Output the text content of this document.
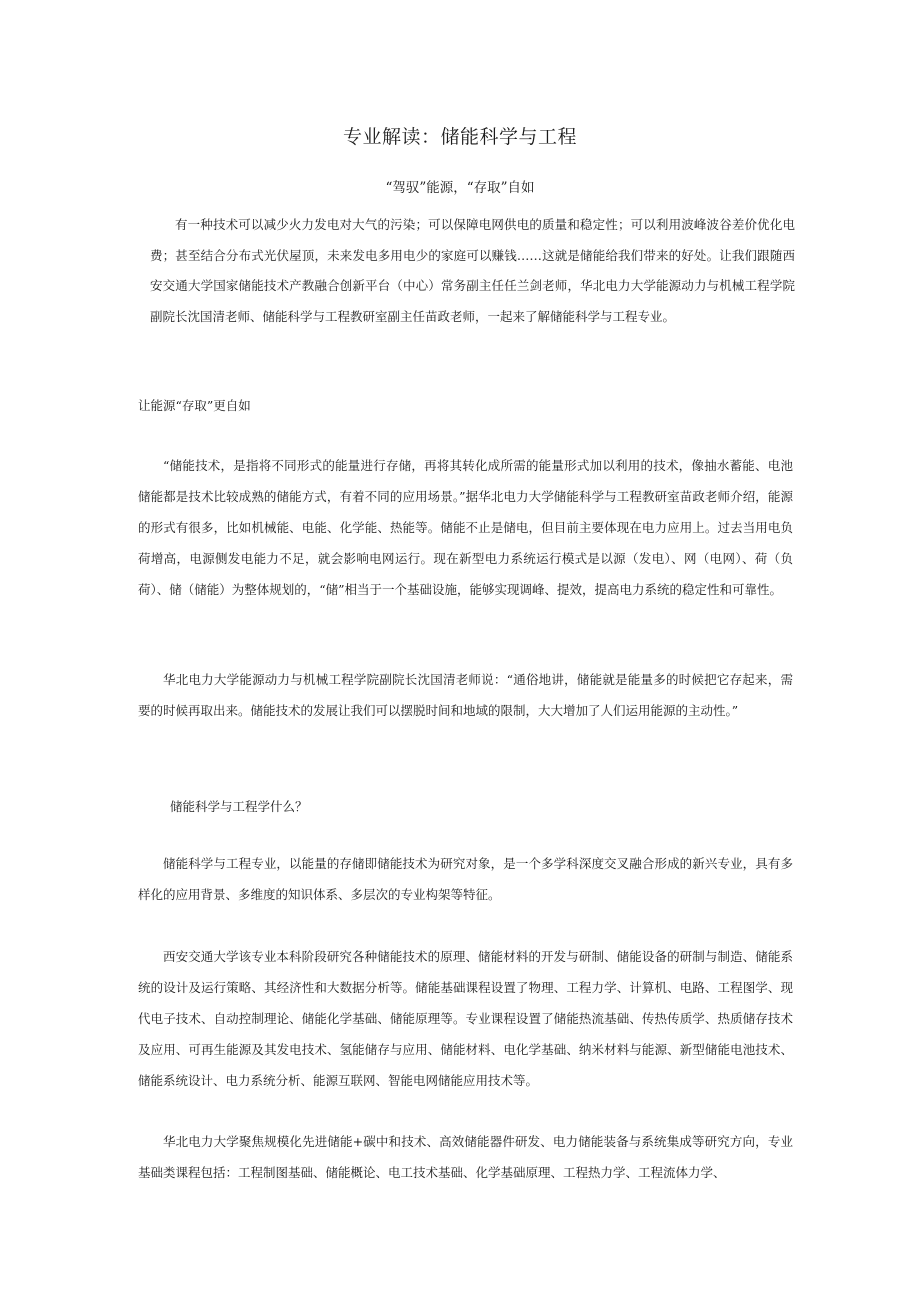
专业解读：储能科学与工程

“驾驭”能源，“存取”自如

有一种技术可以减少火力发电对大气的污染；可以保障电网供电的质量和稳定性；可以利用波峰波谷差价优化电费；甚至结合分布式光伏屋顶，未来发电多用电少的家庭可以赚钱……这就是储能给我们带来的好处。让我们跟随西安交通大学国家储能技术产教融合创新平台（中心）常务副主任任兰剑老师，华北电力大学能源动力与机械工程学院副院长沈国清老师、储能科学与工程教研室副主任苗政老师，一起来了解储能科学与工程专业。

让能源“存取”更自如

“储能技术，是指将不同形式的能量进行存储，再将其转化成所需的能量形式加以利用的技术，像抽水蓄能、电池储能都是技术比较成熟的储能方式，有着不同的应用场景。”据华北电力大学储能科学与工程教研室苗政老师介绍，能源的形式有很多，比如机械能、电能、化学能、热能等。储能不止是储电，但目前主要体现在电力应用上。过去当用电负荷增高，电源侧发电能力不足，就会影响电网运行。现在新型电力系统运行模式是以源（发电）、网（电网）、荷（负荷）、储（储能）为整体规划的，“储”相当于一个基础设施，能够实现调峰、提效，提高电力系统的稳定性和可靠性。

华北电力大学能源动力与机械工程学院副院长沈国清老师说：“通俗地讲，储能就是能量多的时候把它存起来，需要的时候再取出来。储能技术的发展让我们可以摆脱时间和地域的限制，大大增加了人们运用能源的主动性。”

储能科学与工程学什么？

储能科学与工程专业，以能量的存储即储能技术为研究对象，是一个多学科深度交叉融合形成的新兴专业，具有多样化的应用背景、多维度的知识体系、多层次的专业构架等特征。

西安交通大学该专业本科阶段研究各种储能技术的原理、储能材料的开发与研制、储能设备的研制与制造、储能系统的设计及运行策略、其经济性和大数据分析等。储能基础课程设置了物理、工程力学、计算机、电路、工程图学、现代电子技术、自动控制理论、储能化学基础、储能原理等。专业课程设置了储能热流基础、传热传质学、热质储存技术及应用、可再生能源及其发电技术、氢能储存与应用、储能材料、电化学基础、纳米材料与能源、新型储能电池技术、储能系统设计、电力系统分析、能源互联网、智能电网储能应用技术等。

华北电力大学聚焦规模化先进储能+碳中和技术、高效储能器件研发、电力储能装备与系统集成等研究方向，专业基础类课程包括：工程制图基础、储能概论、电工技术基础、化学基础原理、工程热力学、工程流体力学、
